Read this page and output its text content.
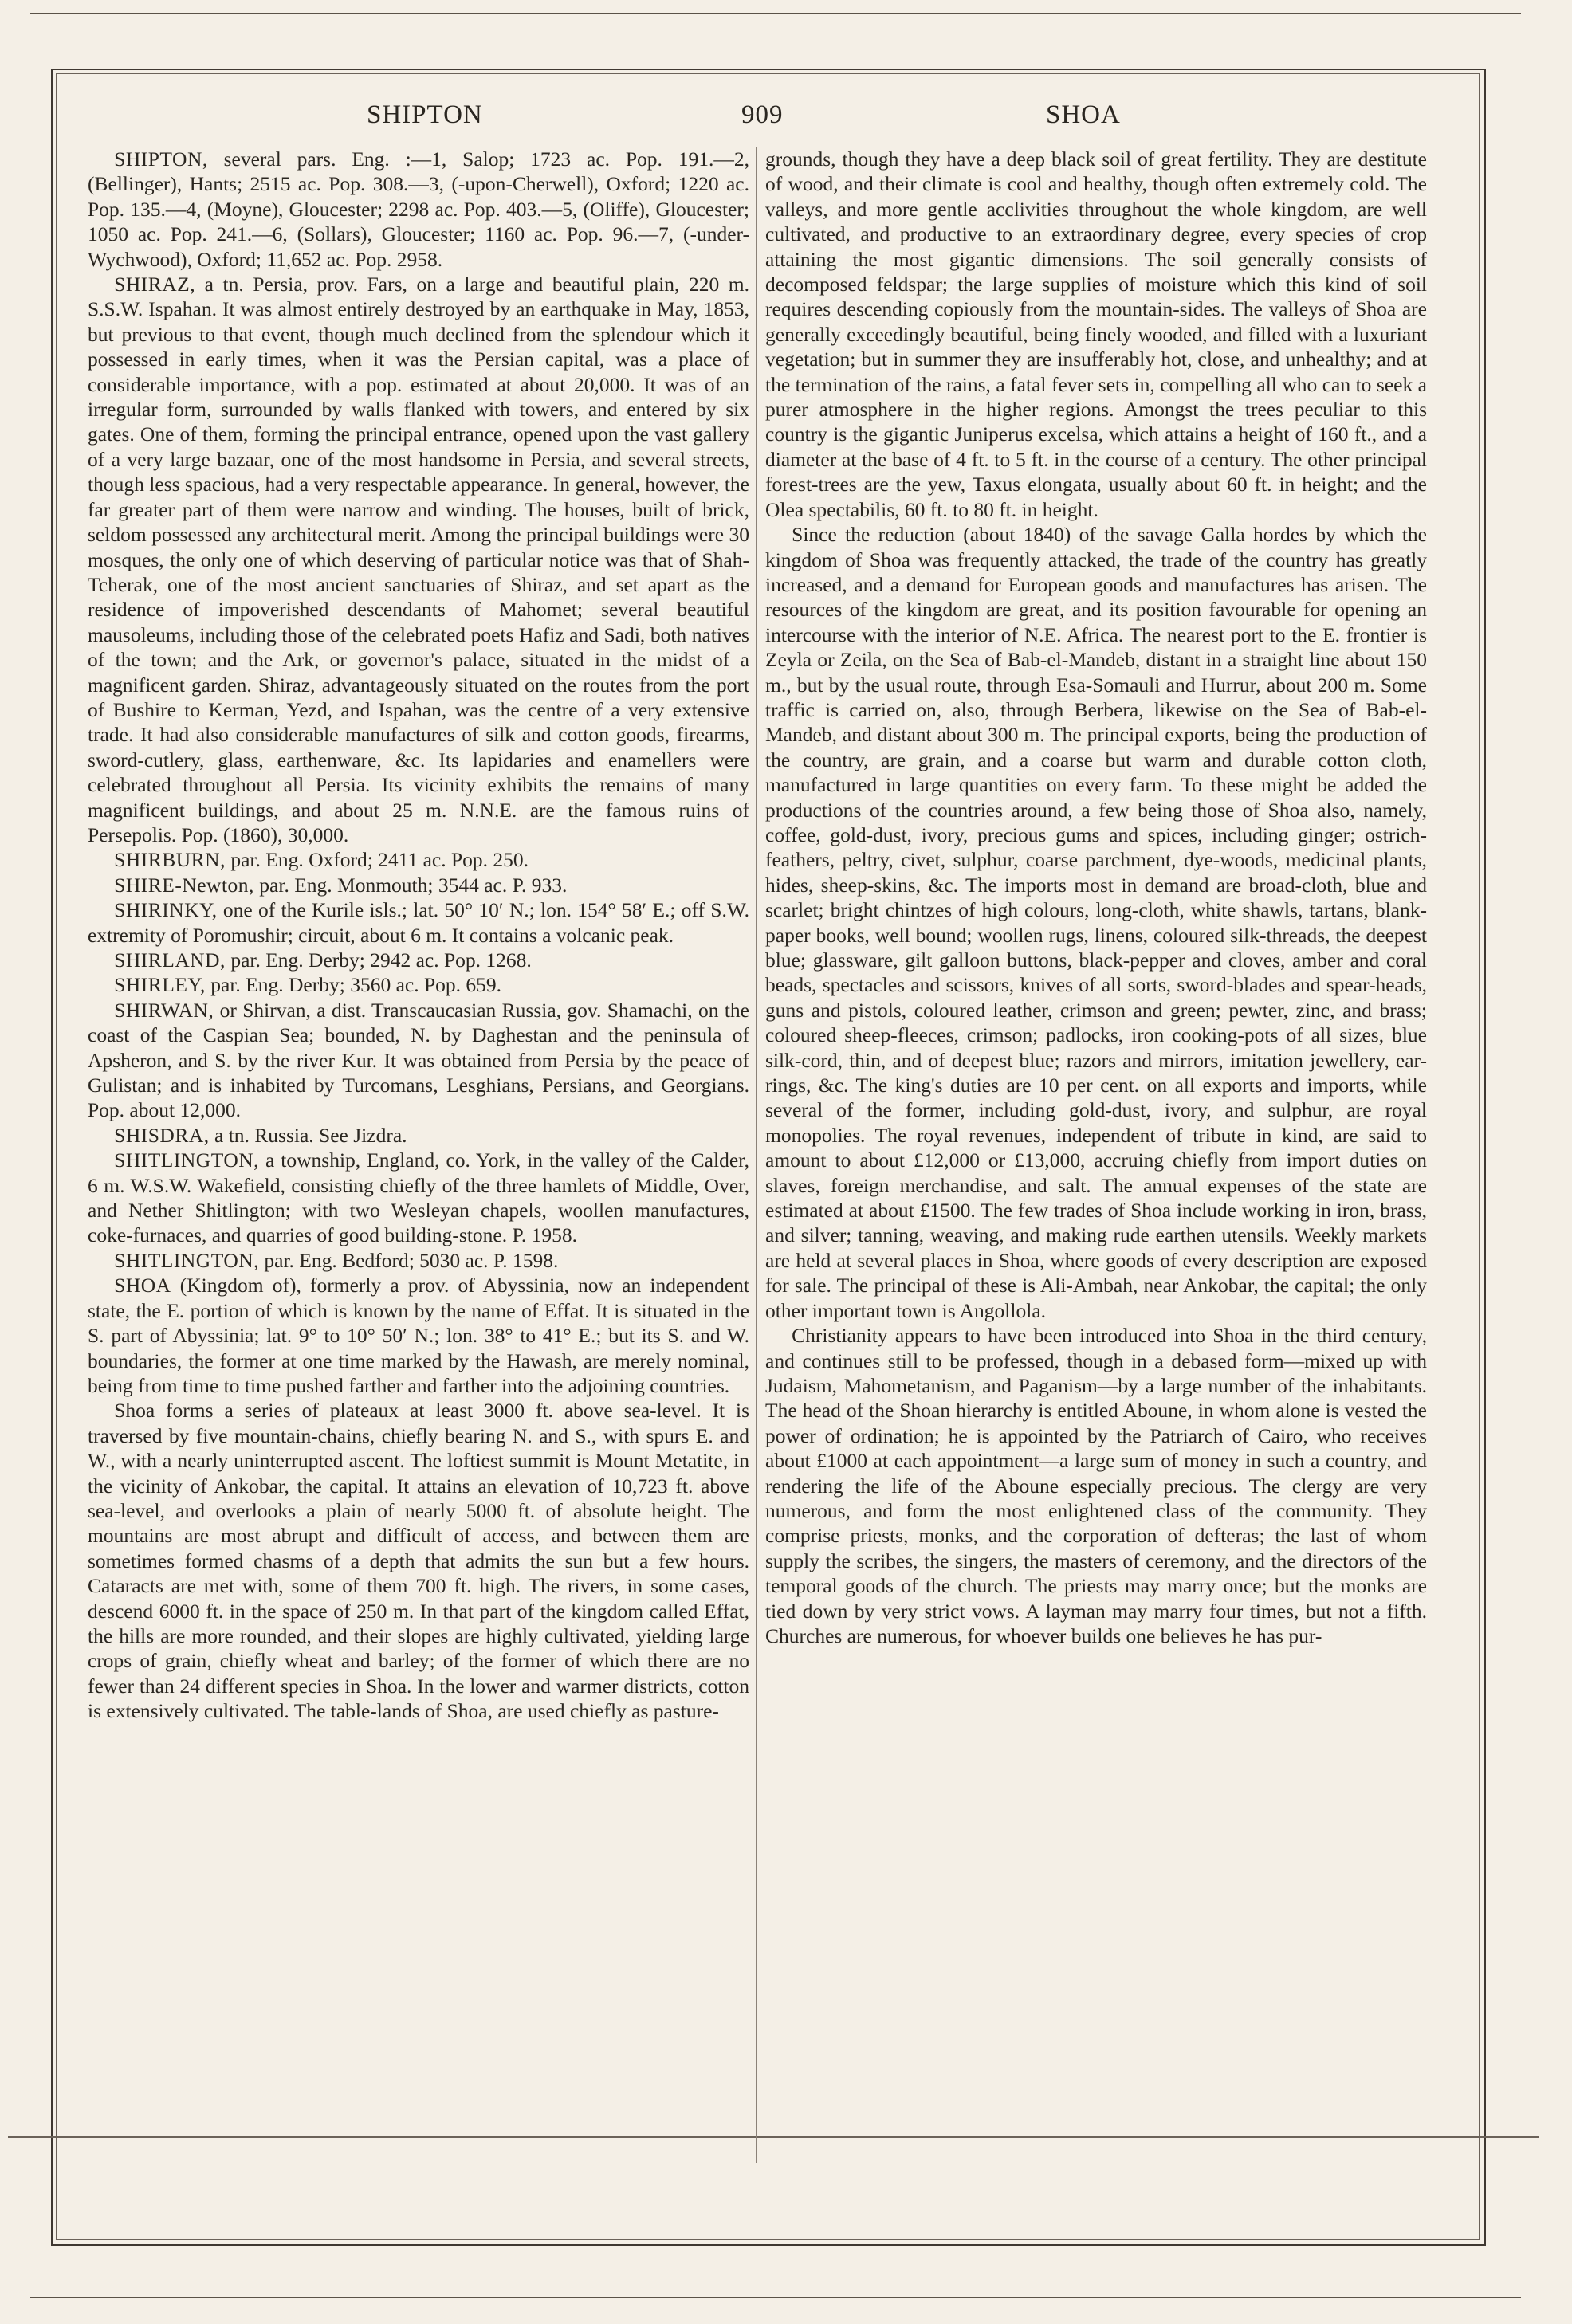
SHIPTON	909	SHOA

SHIPTON, several pars. Eng. :—1, Salop; 1723 ac. Pop. 191.—2, (Bellinger), Hants; 2515 ac. Pop. 308.—3, (-upon-Cherwell), Oxford; 1220 ac. Pop. 135.—4, (Moyne), Gloucester; 2298 ac. Pop. 403.—5, (Oliffe), Gloucester; 1050 ac. Pop. 241.—6, (Sollars), Gloucester; 1160 ac. Pop. 96.—7, (-under-Wychwood), Oxford; 11,652 ac. Pop. 2958.

SHIRAZ, a tn. Persia, prov. Fars, on a large and beautiful plain, 220 m. S.S.W. Ispahan. It was almost entirely destroyed by an earthquake in May, 1853, but previous to that event, though much declined from the splendour which it possessed in early times, when it was the Persian capital, was a place of considerable importance, with a pop. estimated at about 20,000. It was of an irregular form, surrounded by walls flanked with towers, and entered by six gates. One of them, forming the principal entrance, opened upon the vast gallery of a very large bazaar, one of the most handsome in Persia, and several streets, though less spacious, had a very respectable appearance. In general, however, the far greater part of them were narrow and winding. The houses, built of brick, seldom possessed any architectural merit. Among the principal buildings were 30 mosques, the only one of which deserving of particular notice was that of Shah-Tcherak, one of the most ancient sanctuaries of Shiraz, and set apart as the residence of impoverished descendants of Mahomet; several beautiful mausoleums, including those of the celebrated poets Hafiz and Sadi, both natives of the town; and the Ark, or governor's palace, situated in the midst of a magnificent garden. Shiraz, advantageously situated on the routes from the port of Bushire to Kerman, Yezd, and Ispahan, was the centre of a very extensive trade. It had also considerable manufactures of silk and cotton goods, firearms, sword-cutlery, glass, earthenware, &c. Its lapidaries and enamellers were celebrated throughout all Persia. Its vicinity exhibits the remains of many magnificent buildings, and about 25 m. N.N.E. are the famous ruins of Persepolis. Pop. (1860), 30,000.

SHIRBURN, par. Eng. Oxford; 2411 ac. Pop. 250.

SHIRE-Newton, par. Eng. Monmouth; 3544 ac. P. 933.

SHIRINKY, one of the Kurile isls.; lat. 50° 10′ N.; lon. 154° 58′ E.; off S.W. extremity of Poromushir; circuit, about 6 m. It contains a volcanic peak.

SHIRLAND, par. Eng. Derby; 2942 ac. Pop. 1268.

SHIRLEY, par. Eng. Derby; 3560 ac. Pop. 659.

SHIRWAN, or Shirvan, a dist. Transcaucasian Russia, gov. Shamachi, on the coast of the Caspian Sea; bounded, N. by Daghestan and the peninsula of Apsheron, and S. by the river Kur. It was obtained from Persia by the peace of Gulistan; and is inhabited by Turcomans, Lesghians, Persians, and Georgians. Pop. about 12,000.

SHISDRA, a tn. Russia. See Jizdra.

SHITLINGTON, a township, England, co. York, in the valley of the Calder, 6 m. W.S.W. Wakefield, consisting chiefly of the three hamlets of Middle, Over, and Nether Shitlington; with two Wesleyan chapels, woollen manufactures, coke-furnaces, and quarries of good building-stone. P. 1958.

SHITLINGTON, par. Eng. Bedford; 5030 ac. P. 1598.

SHOA (Kingdom of), formerly a prov. of Abyssinia, now an independent state, the E. portion of which is known by the name of Effat. It is situated in the S. part of Abyssinia; lat. 9° to 10° 50′ N.; lon. 38° to 41° E.; but its S. and W. boundaries, the former at one time marked by the Hawash, are merely nominal, being from time to time pushed farther and farther into the adjoining countries.

Shoa forms a series of plateaux at least 3000 ft. above sea-level. It is traversed by five mountain-chains, chiefly bearing N. and S., with spurs E. and W., with a nearly uninterrupted ascent. The loftiest summit is Mount Metatite, in the vicinity of Ankobar, the capital. It attains an elevation of 10,723 ft. above sea-level, and overlooks a plain of nearly 5000 ft. of absolute height. The mountains are most abrupt and difficult of access, and between them are sometimes formed chasms of a depth that admits the sun but a few hours. Cataracts are met with, some of them 700 ft. high. The rivers, in some cases, descend 6000 ft. in the space of 250 m. In that part of the kingdom called Effat, the hills are more rounded, and their slopes are highly cultivated, yielding large crops of grain, chiefly wheat and barley; of the former of which there are no fewer than 24 different species in Shoa. In the lower and warmer districts, cotton is extensively cultivated. The table-lands of Shoa, are used chiefly as pasture-

grounds, though they have a deep black soil of great fertility. They are destitute of wood, and their climate is cool and healthy, though often extremely cold. The valleys, and more gentle acclivities throughout the whole kingdom, are well cultivated, and productive to an extraordinary degree, every species of crop attaining the most gigantic dimensions. The soil generally consists of decomposed feldspar; the large supplies of moisture which this kind of soil requires descending copiously from the mountain-sides. The valleys of Shoa are generally exceedingly beautiful, being finely wooded, and filled with a luxuriant vegetation; but in summer they are insufferably hot, close, and unhealthy; and at the termination of the rains, a fatal fever sets in, compelling all who can to seek a purer atmosphere in the higher regions. Amongst the trees peculiar to this country is the gigantic Juniperus excelsa, which attains a height of 160 ft., and a diameter at the base of 4 ft. to 5 ft. in the course of a century. The other principal forest-trees are the yew, Taxus elongata, usually about 60 ft. in height; and the Olea spectabilis, 60 ft. to 80 ft. in height.

Since the reduction (about 1840) of the savage Galla hordes by which the kingdom of Shoa was frequently attacked, the trade of the country has greatly increased, and a demand for European goods and manufactures has arisen. The resources of the kingdom are great, and its position favourable for opening an intercourse with the interior of N.E. Africa. The nearest port to the E. frontier is Zeyla or Zeila, on the Sea of Bab-el-Mandeb, distant in a straight line about 150 m., but by the usual route, through Esa-Somauli and Hurrur, about 200 m. Some traffic is carried on, also, through Berbera, likewise on the Sea of Bab-el-Mandeb, and distant about 300 m. The principal exports, being the production of the country, are grain, and a coarse but warm and durable cotton cloth, manufactured in large quantities on every farm. To these might be added the productions of the countries around, a few being those of Shoa also, namely, coffee, gold-dust, ivory, precious gums and spices, including ginger; ostrich-feathers, peltry, civet, sulphur, coarse parchment, dye-woods, medicinal plants, hides, sheep-skins, &c. The imports most in demand are broad-cloth, blue and scarlet; bright chintzes of high colours, long-cloth, white shawls, tartans, blank-paper books, well bound; woollen rugs, linens, coloured silk-threads, the deepest blue; glassware, gilt galloon buttons, black-pepper and cloves, amber and coral beads, spectacles and scissors, knives of all sorts, sword-blades and spear-heads, guns and pistols, coloured leather, crimson and green; pewter, zinc, and brass; coloured sheep-fleeces, crimson; padlocks, iron cooking-pots of all sizes, blue silk-cord, thin, and of deepest blue; razors and mirrors, imitation jewellery, ear-rings, &c. The king's duties are 10 per cent. on all exports and imports, while several of the former, including gold-dust, ivory, and sulphur, are royal monopolies. The royal revenues, independent of tribute in kind, are said to amount to about £12,000 or £13,000, accruing chiefly from import duties on slaves, foreign merchandise, and salt. The annual expenses of the state are estimated at about £1500. The few trades of Shoa include working in iron, brass, and silver; tanning, weaving, and making rude earthen utensils. Weekly markets are held at several places in Shoa, where goods of every description are exposed for sale. The principal of these is Ali-Ambah, near Ankobar, the capital; the only other important town is Angollola.

Christianity appears to have been introduced into Shoa in the third century, and continues still to be professed, though in a debased form—mixed up with Judaism, Mahometanism, and Paganism—by a large number of the inhabitants. The head of the Shoan hierarchy is entitled Aboune, in whom alone is vested the power of ordination; he is appointed by the Patriarch of Cairo, who receives about £1000 at each appointment—a large sum of money in such a country, and rendering the life of the Aboune especially precious. The clergy are very numerous, and form the most enlightened class of the community. They comprise priests, monks, and the corporation of defteras; the last of whom supply the scribes, the singers, the masters of ceremony, and the directors of the temporal goods of the church. The priests may marry once; but the monks are tied down by very strict vows. A layman may marry four times, but not a fifth. Churches are numerous, for whoever builds one believes he has pur-
